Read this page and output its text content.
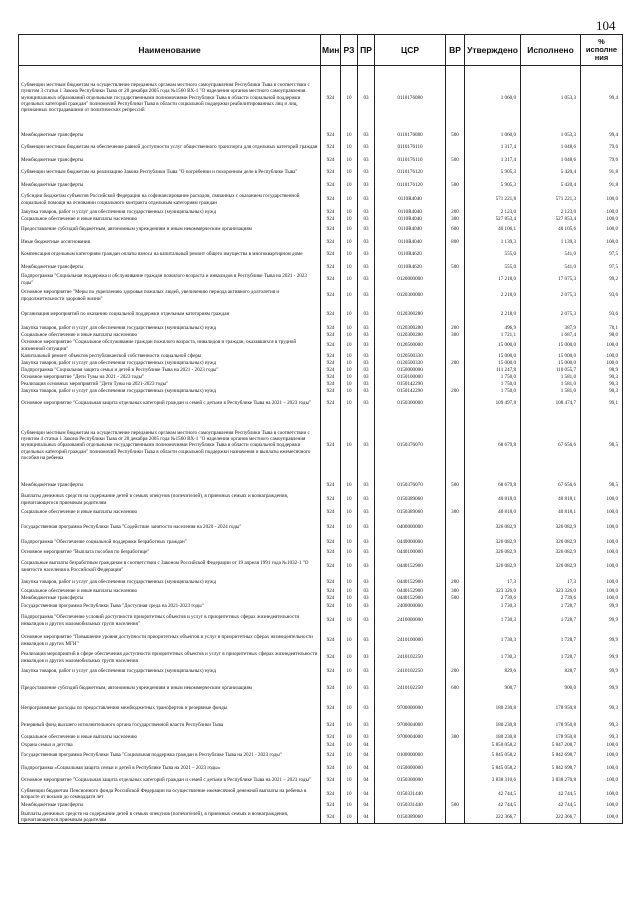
104
Наименование	Мин	РЗ	ПР	ЦСР	ВР	Утверждено	Исполнено	% исполне ния
Субвенции местным бюджетам на осуществление переданных органам местного самоуправления Республики Тыва в соответствии с пунктом 3 статьи 1 Закона Республики Тыва от 28 декабря 2005 года №1560 ВХ-1 "О наделении органов местного самоуправления муниципальных образований отдельными государственными полномочиями Республики Тыва в области социальной поддержки отдельных категорий граждан" полномочий Республики Тыва в области социальной поддержки реабилитированных лиц и лиц, признанных пострадавшими от политических репрессий	924	10	03	0110176080		1 060,0	1 053,3	99,4
Межбюджетные трансферты	924	10	03	0110176080	500	1 060,0	1 053,3	99,4
Субвенции местным бюджетам на обеспечение равной доступности услуг общественного транспорта для отдельных категорий граждан	924	10	03	0110176110		1 317,4	1 048,6	79,6
Межбюджетные трансферты	924	10	03	0110176110	500	1 317,4	1 048,6	79,6
Субвенции местным бюджетам на реализацию Закона Республики Тыва "О погребении и похоронном деле в Республике Тыва"	924	10	03	0110176120		5 905,3	5 420,4	91,8
Межбюджетные трансферты	924	10	03	0110176120	500	5 905,3	5 420,4	91,8
Субсидии бюджетам субъектов Российской Федерации на софинансирование расходов, связанных с оказанием государственной социальной помощи на основании социального контракта отдельным категориям граждан	924	10	03	0110R4040		571 221,8	571 221,3	100,0
Закупка товаров, работ и услуг для обеспечения государственных (муниципальных) нужд	924	10	03	0110R4040	200	2 123,0	2 123,0	100,0
Социальное обеспечение и иные выплаты населению	924	10	03	0110R4040	300	527 853,4	527 853,4	100,0
Предоставление субсидий бюджетным, автономным учреждениям и иным некоммерческим организациям	924	10	03	0110R4040	600	40 106,1	40 105,6	100,0
Иные бюджетные ассигнования	924	10	03	0110R4040	800	1 139,3	1 139,3	100,0
Компенсация отдельным категориям граждан оплаты взноса на капитальный ремонт общего имущества в многоквартирном доме	924	10	03	0110R4620		555,0	541,0	97,5
Межбюджетные трансферты	924	10	03	0110R4620	500	555,0	541,0	97,5
Подпрограмма "Социальная поддержка и обслуживание граждан пожилого возраста и инвалидов в Республике Тыва на 2021 - 2023 годы"	924	10	03	0120000000		17 218,0	17 075,3	99,2
Основное мероприятие "Меры по укреплению здоровья пожилых людей, увеличению периода активного долголетия и продолжительности здоровой жизни"	924	10	03	0120300000		2 218,0	2 075,3	93,6
Организация мероприятий по оказанию социальной поддержки отдельным категориям граждан	924	10	03	0120300280		2 218,0	2 075,3	93,6
Закупка товаров, работ и услуг для обеспечения государственных (муниципальных) нужд	924	10	03	0120300280	200	496,9	387,9	78,1
Социальное обеспечение и иные выплаты населению	924	10	03	0120300280	300	1 721,1	1 687,4	98,0
Основное мероприятие "Социальное обслуживание граждан пожилого возраста, инвалидов и граждан, оказавшихся в трудной жизненной ситуации"	924	10	03	0120500000		15 000,0	15 000,0	100,0
Капитальный ремонт объектов республиканской собственности социальной сферы	924	10	03	0120500330		15 000,0	15 000,0	100,0
Закупка товаров, работ и услуг для обеспечения государственных (муниципальных) нужд	924	10	03	0120500330	200	15 000,0	15 000,0	100,0
Подпрограмма "Социальная защита семьи и детей в Республике Тыва на 2021 - 2023 годы"	924	10	03	0150000000		111 247,8	110 055,7	98,9
Основное мероприятие "Дети Тувы на 2021 - 2023 годы"	924	10	03	0150100000		1 750,0	1 581,0	90,3
Реализация основных мероприятий "Дети Тувы на 2021-2023 годы"	924	10	03	0150142290		1 750,0	1 581,0	90,3
Закупка товаров, работ и услуг для обеспечения государственных (муниципальных) нужд	924	10	03	0150142290	200	1 750,0	1 581,0	90,3
Основное мероприятие "Социальная защита отдельных категорий граждан и семей с детьми в Республике Тыва на 2021 – 2023 годы"	924	10	03	0150300000		109 497,8	108 474,7	99,1
Субвенции местным бюджетам на осуществление переданных органам местного самоуправления Республики Тыва в соответствии с пунктом 4 статьи 1 Закона Республики Тыва от 28 декабря 2005 года №1560 ВХ-1 "О наделении органов местного самоуправления муниципальных образований отдельными государственными полномочиями Республики Тыва в области социальной поддержки отдельных категорий граждан" полномочий Республики Тыва в области социальной поддержки назначения и выплаты ежемесячного пособия на ребенка	924	10	03	0150376070		68 679,8	67 656,6	98,5
Межбюджетные трансферты	924	10	03	0150376070	500	68 679,8	67 656,6	98,5
Выплаты денежных средств на содержание детей в семьях опекунов (попечителей), в приемных семьях и вознаграждения, причитающегося приемным родителям	924	10	03	0150389060		40 818,0	40 818,1	100,0
Социальное обеспечение и иные выплаты населению	924	10	03	0150389060	300	40 818,0	40 818,1	100,0
Государственная программа Республики Тыва "Содействие занятости населения на 2020 - 2024 годы"	924	10	03	0400000000		326 082,9	326 082,9	100,0
Подпрограмма "Обеспечение социальной поддержки безработных граждан"	924	10	03	0440000000		326 082,9	326 082,9	100,0
Основное мероприятие "Выплата пособия по безработице"	924	10	03	0440100000		326 082,9	326 082,9	100,0
Социальные выплаты безработным гражданам в соответствии с Законом Российской Федерации от 19 апреля 1991 года №1032-1 "О занятости населения в Российской Федерации"	924	10	03	0440152900		326 082,9	326 082,9	100,0
Закупка товаров, работ и услуг для обеспечения государственных (муниципальных) нужд	924	10	03	0440152900	200	17,3	17,3	100,0
Социальное обеспечение и иные выплаты населению	924	10	03	0440152900	300	323 326,0	323 326,0	100,0
Межбюджетные трансферты	924	10	03	0440152900	500	2 739,6	2 739,6	100,0
Государственная программа Республики Тыва "Доступная среда на 2021-2023 годы"	924	10	03	2400000000		1 730,3	1 728,7	99,9
Подпрограмма "Обеспечение условий доступности приоритетных объектов и услуг в приоритетных сферах жизнедеятельности инвалидов и других маломобильных групп населения"	924	10	03	2410000000		1 730,3	1 728,7	99,9
Основное мероприятие "Повышение уровня доступности приоритетных объектов и услуг в приоритетных сферах жизнедеятельности инвалидов и других МГН"	924	10	03	2410100000		1 730,3	1 728,7	99,9
Реализация мероприятий в сфере обеспечения доступности приоритетных объектов и услуг в приоритетных сферах жизнедеятельности инвалидов и других маломобильных групп населения	924	10	03	2410102250		1 730,3	1 728,7	99,9
Закупка товаров, работ и услуг для обеспечения государственных (муниципальных) нужд	924	10	03	2410102250	200	829,6	828,7	99,9
Предоставление субсидий бюджетным, автономным учреждениям и иным некоммерческим организациям	924	10	03	2410102250	600	900,7	900,0	99,9
Непрограммные расходы по предоставлению межбюджетных трансфертов и резервные фонды	924	10	03	9700000000		180 230,8	178 950,8	99,3
Резервный фонд высшего исполнительного органа государственной власти Республики Тыва	924	10	03	9700004000		180 230,8	178 950,8	99,3
Социальное обеспечение и иные выплаты населению	924	10	03	9700004000	300	180 230,8	178 950,8	99,3
Охрана семьи и детства	924	10	04			5 850 058,2	5 847 208,7	100,0
Государственная программа Республики Тыва "Социальная поддержка граждан в Республике Тыва на 2021 - 2023 годы"	924	10	04	0100000000		5 845 058,2	5 842 698,7	100,0
Подпрограмма «Социальная защита семьи и детей в Республике Тыва на 2021 – 2023 годы»	924	10	04	0150000000		5 845 058,2	5 842 698,7	100,0
Основное мероприятие "Социальная защита отдельных категорий граждан и семей с детьми в Республике Тыва на 2021 – 2023 годы"	924	10	04	0150300000		3 838 310,6	3 838 270,8	100,0
Субвенции бюджетам Пенсионного фонда Российской Федерации на осуществление ежемесячной денежной выплаты на ребенка в возрасте от восьми до семнадцати лет	924	10	04	0150331440		42 744,5	42 744,5	100,0
Межбюджетные трансферты	924	10	04	0150331440	500	42 744,5	42 744,5	100,0
Выплаты денежных средств на содержание детей в семьях опекунов (попечителей), в приемных семьях и вознаграждения, причитающегося приемным родителям	924	10	04	0150389060		222 366,7	222 366,7	100,0
